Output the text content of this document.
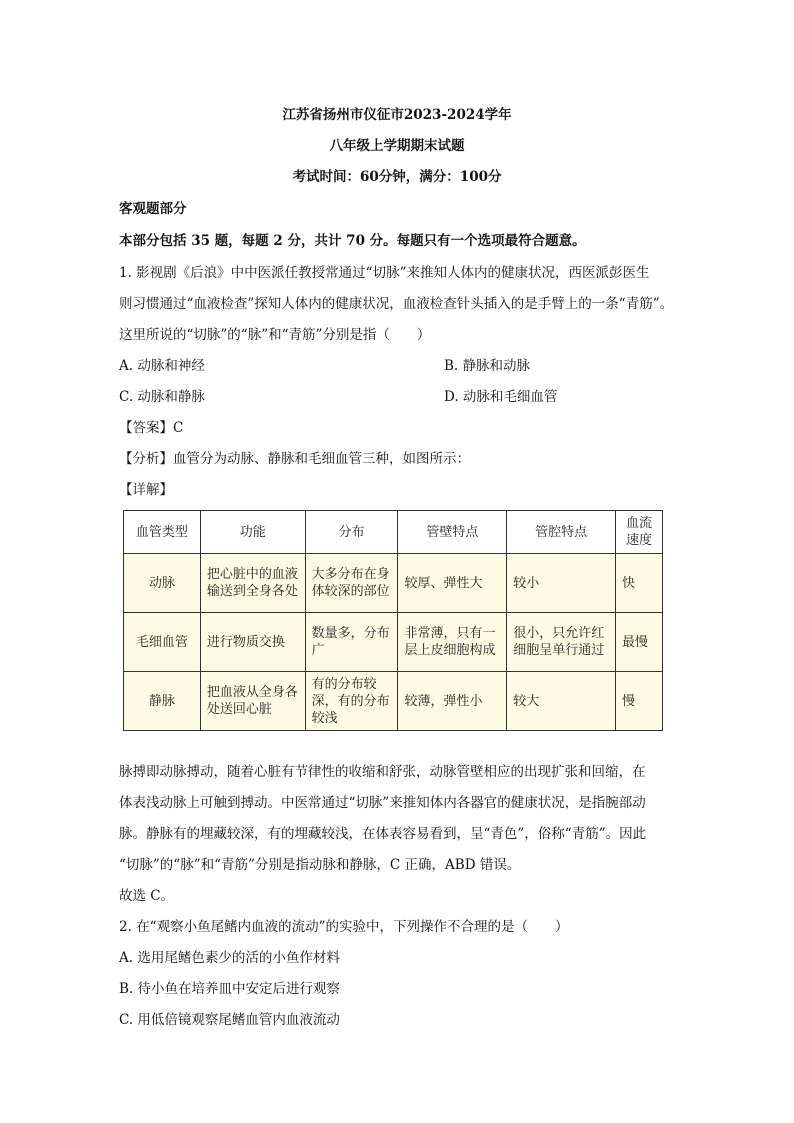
江苏省扬州市仪征市2023-2024学年
八年级上学期期末试题
考试时间：60分钟，满分：100分
客观题部分
本部分包括 35 题，每题 2 分，共计 70 分。每题只有一个选项最符合题意。
1. 影视剧《后浪》中中医派任教授常通过“切脉”来推知人体内的健康状况，西医派彭医生
则习惯通过“血液检查”探知人体内的健康状况，血液检查针头插入的是手臂上的一条“青筋”。
这里所说的“切脉”的“脉”和“青筋”分别是指（　　）
A. 动脉和神经	B. 静脉和动脉
C. 动脉和静脉	D. 动脉和毛细血管
【答案】C
【分析】血管分为动脉、静脉和毛细血管三种，如图所示：
【详解】
血管类型	功能	分布	管壁特点	管腔特点	血流速度
动脉	把心脏中的血液输送到全身各处	大多分布在身体较深的部位	较厚、弹性大	较小	快
毛细血管	进行物质交换	数量多，分布广	非常薄，只有一层上皮细胞构成	很小，只允许红细胞呈单行通过	最慢
静脉	把血液从全身各处送回心脏	有的分布较深，有的分布较浅	较薄，弹性小	较大	慢
脉搏即动脉搏动，随着心脏有节律性的收缩和舒张，动脉管壁相应的出现扩张和回缩，在
体表浅动脉上可触到搏动。中医常通过“切脉”来推知体内各器官的健康状况，是指腕部动
脉。静脉有的埋藏较深，有的埋藏较浅，在体表容易看到，呈“青色”，俗称“青筋”。因此
“切脉”的“脉”和“青筋”分别是指动脉和静脉，C 正确，ABD 错误。
故选 C。
2. 在“观察小鱼尾鳍内血液的流动”的实验中，下列操作不合理的是（　　）
A. 选用尾鳍色素少的活的小鱼作材料
B. 待小鱼在培养皿中安定后进行观察
C. 用低倍镜观察尾鳍血管内血液流动
